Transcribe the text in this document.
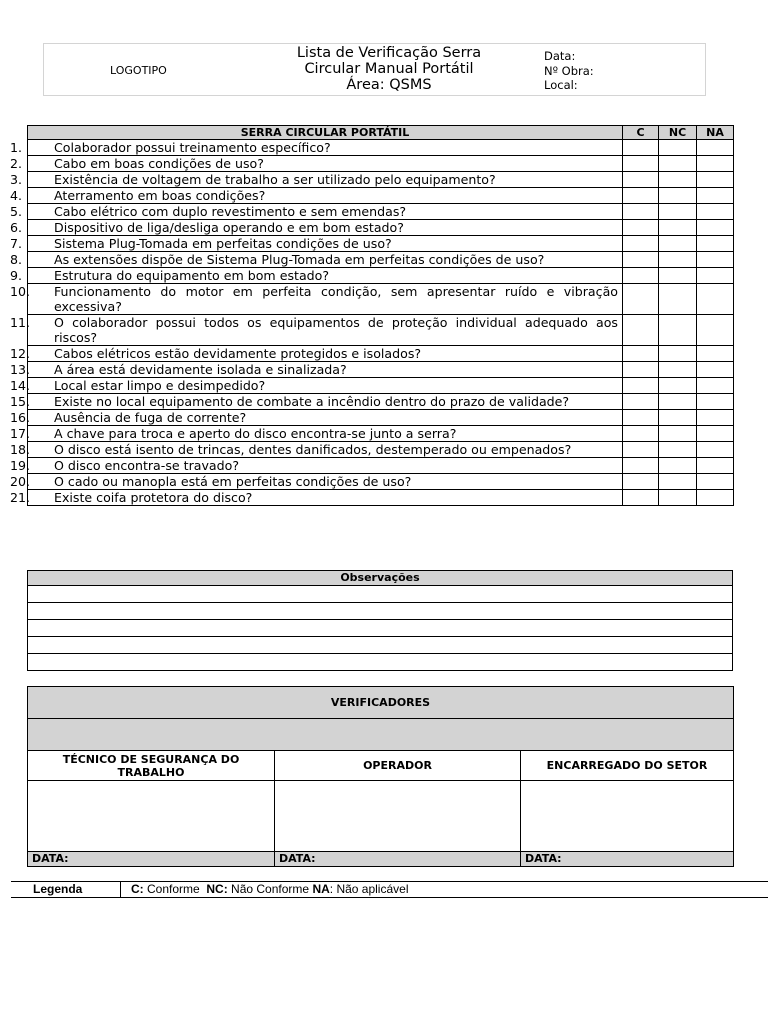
LOGOTIPO
Lista de Verificação Serra
Circular Manual Portátil
Área: QSMS
Data:
Nº Obra:
Local:
SERRA CIRCULAR PORTÁTIL	C	NC	NA

1. Colaborador possui treinamento específico?			

2. Cabo em boas condições de uso?			

3. Existência de voltagem de trabalho a ser utilizado pelo equipamento?			

4. Aterramento em boas condições?			

5. Cabo elétrico com duplo revestimento e sem emendas?			

6. Dispositivo de liga/desliga operando e em bom estado?			

7. Sistema Plug-Tomada em perfeitas condições de uso?			

8. As extensões dispõe de Sistema Plug-Tomada em perfeitas condições de uso?			

9. Estrutura do equipamento em bom estado?			

10. Funcionamento do motor em perfeita condição, sem apresentar ruído e vibração excessiva?			

11. O colaborador possui todos os equipamentos de proteção individual adequado aos riscos?			

12. Cabos elétricos estão devidamente protegidos e isolados?			

13. A área está devidamente isolada e sinalizada?			

14. Local estar limpo e desimpedido?			

15. Existe no local equipamento de combate a incêndio dentro do prazo de validade?			

16. Ausência de fuga de corrente?			

17. A chave para troca e aperto do disco encontra-se junto a serra?			

18. O disco está isento de trincas, dentes danificados, destemperado ou empenados?			

19. O disco encontra-se travado?			

20. O cado ou manopla está em perfeitas condições de uso?			

21. Existe coifa protetora do disco?			

Observações

VERIFICADORES		

TÉCNICO DE SEGURANÇA DO TRABALHO	OPERADOR	ENCARREGADO DO SETOR

DATA:	DATA:	DATA:
Legenda	C: Conforme NC: Não Conforme NA: Não aplicável
